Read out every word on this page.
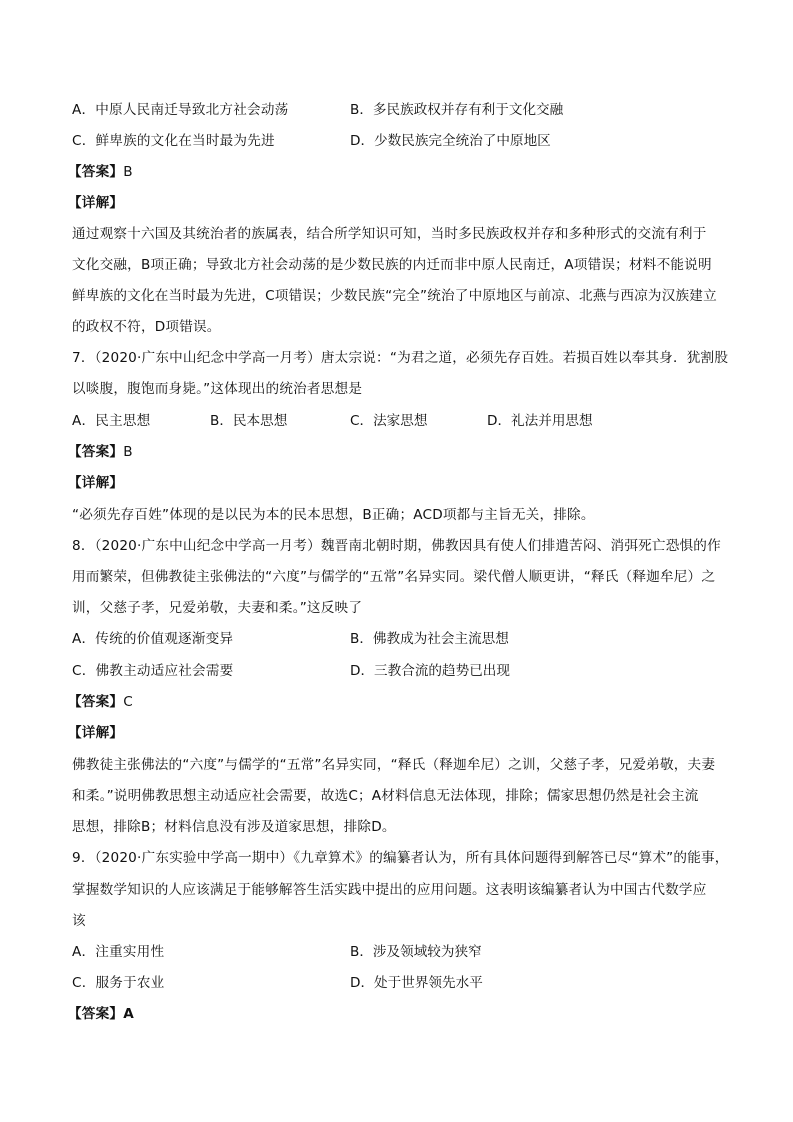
A．中原人民南迁导致北方社会动荡	B．多民族政权并存有利于文化交融
C．鲜卑族的文化在当时最为先进	D．少数民族完全统治了中原地区
【答案】B
【详解】
通过观察十六国及其统治者的族属表，结合所学知识可知，当时多民族政权并存和多种形式的交流有利于
文化交融，B项正确；导致北方社会动荡的是少数民族的内迁而非中原人民南迁，A项错误；材料不能说明
鲜卑族的文化在当时最为先进，C项错误；少数民族“完全”统治了中原地区与前凉、北燕与西凉为汉族建立
的政权不符，D项错误。
7．（2020·广东中山纪念中学高一月考）唐太宗说：“为君之道，必须先存百姓。若损百姓以奉其身．犹割股
以啖腹，腹饱而身毙。”这体现出的统治者思想是
A．民主思想	B．民本思想	C．法家思想	D．礼法并用思想
【答案】B
【详解】
“必须先存百姓”体现的是以民为本的民本思想，B正确；ACD项都与主旨无关，排除。
8．（2020·广东中山纪念中学高一月考）魏晋南北朝时期，佛教因具有使人们排遣苦闷、消弭死亡恐惧的作
用而繁荣，但佛教徒主张佛法的“六度”与儒学的“五常”名异实同。梁代僧人顺更讲，“释氏（释迦牟尼）之
训，父慈子孝，兄爱弟敬，夫妻和柔。”这反映了
A．传统的价值观逐渐变异	B．佛教成为社会主流思想
C．佛教主动适应社会需要	D．三教合流的趋势已出现
【答案】C
【详解】
佛教徒主张佛法的“六度”与儒学的“五常”名异实同，“释氏（释迦牟尼）之训，父慈子孝，兄爱弟敬，夫妻
和柔。”说明佛教思想主动适应社会需要，故选C；A材料信息无法体现，排除；儒家思想仍然是社会主流
思想，排除B；材料信息没有涉及道家思想，排除D。
9．（2020·广东实验中学高一期中）《九章算术》的编纂者认为，所有具体问题得到解答已尽“算术”的能事，
掌握数学知识的人应该满足于能够解答生活实践中提出的应用问题。这表明该编纂者认为中国古代数学应
该
A．注重实用性	B．涉及领域较为狭窄
C．服务于农业	D．处于世界领先水平
【答案】A
